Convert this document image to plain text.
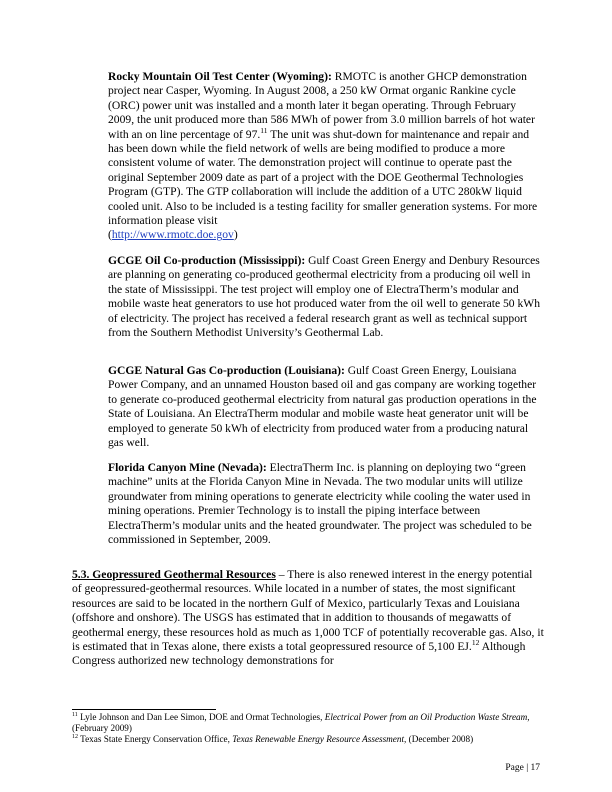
Rocky Mountain Oil Test Center (Wyoming): RMOTC is another GHCP demonstration project near Casper, Wyoming. In August 2008, a 250 kW Ormat organic Rankine cycle (ORC) power unit was installed and a month later it began operating. Through February 2009, the unit produced more than 586 MWh of power from 3.0 million barrels of hot water with an on line percentage of 97.11 The unit was shut-down for maintenance and repair and has been down while the field network of wells are being modified to produce a more consistent volume of water. The demonstration project will continue to operate past the original September 2009 date as part of a project with the DOE Geothermal Technologies Program (GTP). The GTP collaboration will include the addition of a UTC 280kW liquid cooled unit. Also to be included is a testing facility for smaller generation systems. For more information please visit
(http://www.rmotc.doe.gov)

GCGE Oil Co-production (Mississippi): Gulf Coast Green Energy and Denbury Resources are planning on generating co-produced geothermal electricity from a producing oil well in the state of Mississippi. The test project will employ one of ElectraTherm’s modular and mobile waste heat generators to use hot produced water from the oil well to generate 50 kWh of electricity. The project has received a federal research grant as well as technical support from the Southern Methodist University’s Geothermal Lab.

GCGE Natural Gas Co-production (Louisiana): Gulf Coast Green Energy, Louisiana Power Company, and an unnamed Houston based oil and gas company are working together to generate co-produced geothermal electricity from natural gas production operations in the State of Louisiana. An ElectraTherm modular and mobile waste heat generator unit will be employed to generate 50 kWh of electricity from produced water from a producing natural gas well.

Florida Canyon Mine (Nevada): ElectraTherm Inc. is planning on deploying two “green machine” units at the Florida Canyon Mine in Nevada. The two modular units will utilize groundwater from mining operations to generate electricity while cooling the water used in mining operations. Premier Technology is to install the piping interface between ElectraTherm’s modular units and the heated groundwater. The project was scheduled to be commissioned in September, 2009.

5.3. Geopressured Geothermal Resources – There is also renewed interest in the energy potential of geopressured-geothermal resources. While located in a number of states, the most significant resources are said to be located in the northern Gulf of Mexico, particularly Texas and Louisiana (offshore and onshore). The USGS has estimated that in addition to thousands of megawatts of geothermal energy, these resources hold as much as 1,000 TCF of potentially recoverable gas. Also, it is estimated that in Texas alone, there exists a total geopressured resource of 5,100 EJ.$^{12}$ Although Congress authorized new technology demonstrations for

$^{11}$ Lyle Johnson and Dan Lee Simon, DOE and Ormat Technologies, Electrical Power from an Oil Production Waste Stream, (February 2009)

$^{12}$ Texas State Energy Conservation Office, Texas Renewable Energy Resource Assessment, (December 2008)

Page | 17
